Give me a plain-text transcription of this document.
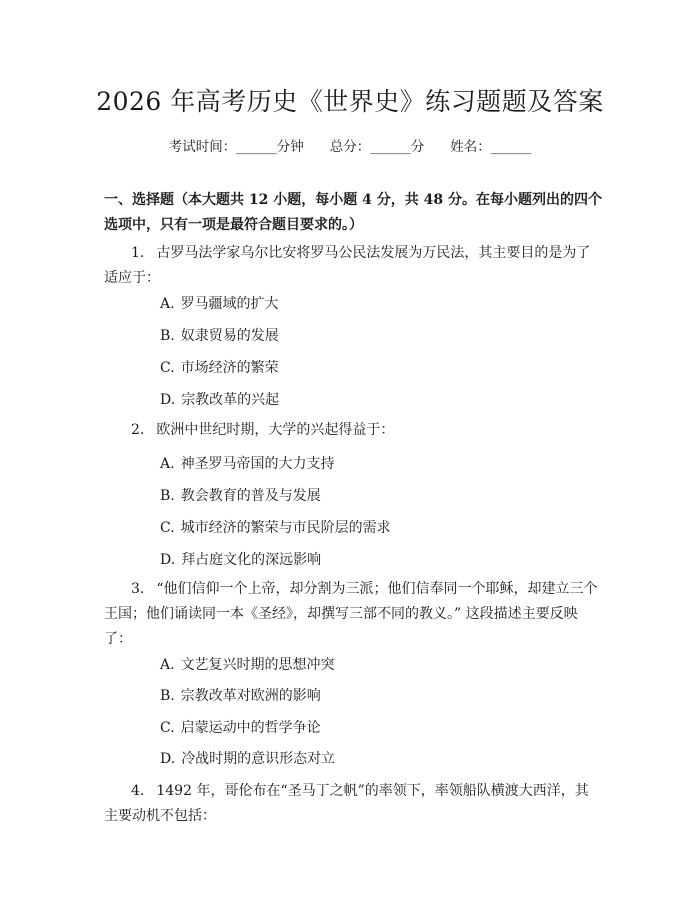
2026 年高考历史《世界史》练习题题及答案
考试时间：______分钟 总分：______分 姓名：______
一、选择题（本大题共 12 小题，每小题 4 分，共 48 分。在每小题列出的四个选项中，只有一项是最符合题目要求的。）
1. 古罗马法学家乌尔比安将罗马公民法发展为万民法，其主要目的是为了适应于：
A. 罗马疆域的扩大
B. 奴隶贸易的发展
C. 市场经济的繁荣
D. 宗教改革的兴起
2. 欧洲中世纪时期，大学的兴起得益于：
A. 神圣罗马帝国的大力支持
B. 教会教育的普及与发展
C. 城市经济的繁荣与市民阶层的需求
D. 拜占庭文化的深远影响
3. “他们信仰一个上帝，却分割为三派；他们信奉同一个耶稣，却建立三个王国；他们诵读同一本《圣经》，却撰写三部不同的教义。” 这段描述主要反映了：
A. 文艺复兴时期的思想冲突
B. 宗教改革对欧洲的影响
C. 启蒙运动中的哲学争论
D. 冷战时期的意识形态对立
4. 1492 年，哥伦布在“圣马丁之帆”的率领下，率领船队横渡大西洋，其主要动机不包括：
